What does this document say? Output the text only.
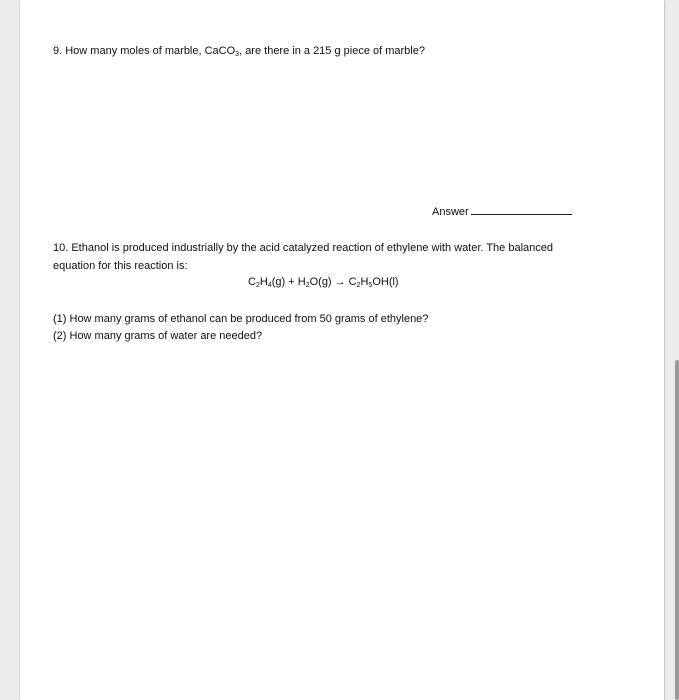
9. How many moles of marble, CaCO$_3$, are there in a 215 g piece of marble?
Answer
10. Ethanol is produced industrially by the acid catalyzed reaction of ethylene with water. The balanced
equation for this reaction is:
$C_2H_4(g) + H_2O(g) \to C_2H_5OH(l)$
(1) How many grams of ethanol can be produced from 50 grams of ethylene?
(2) How many grams of water are needed?
